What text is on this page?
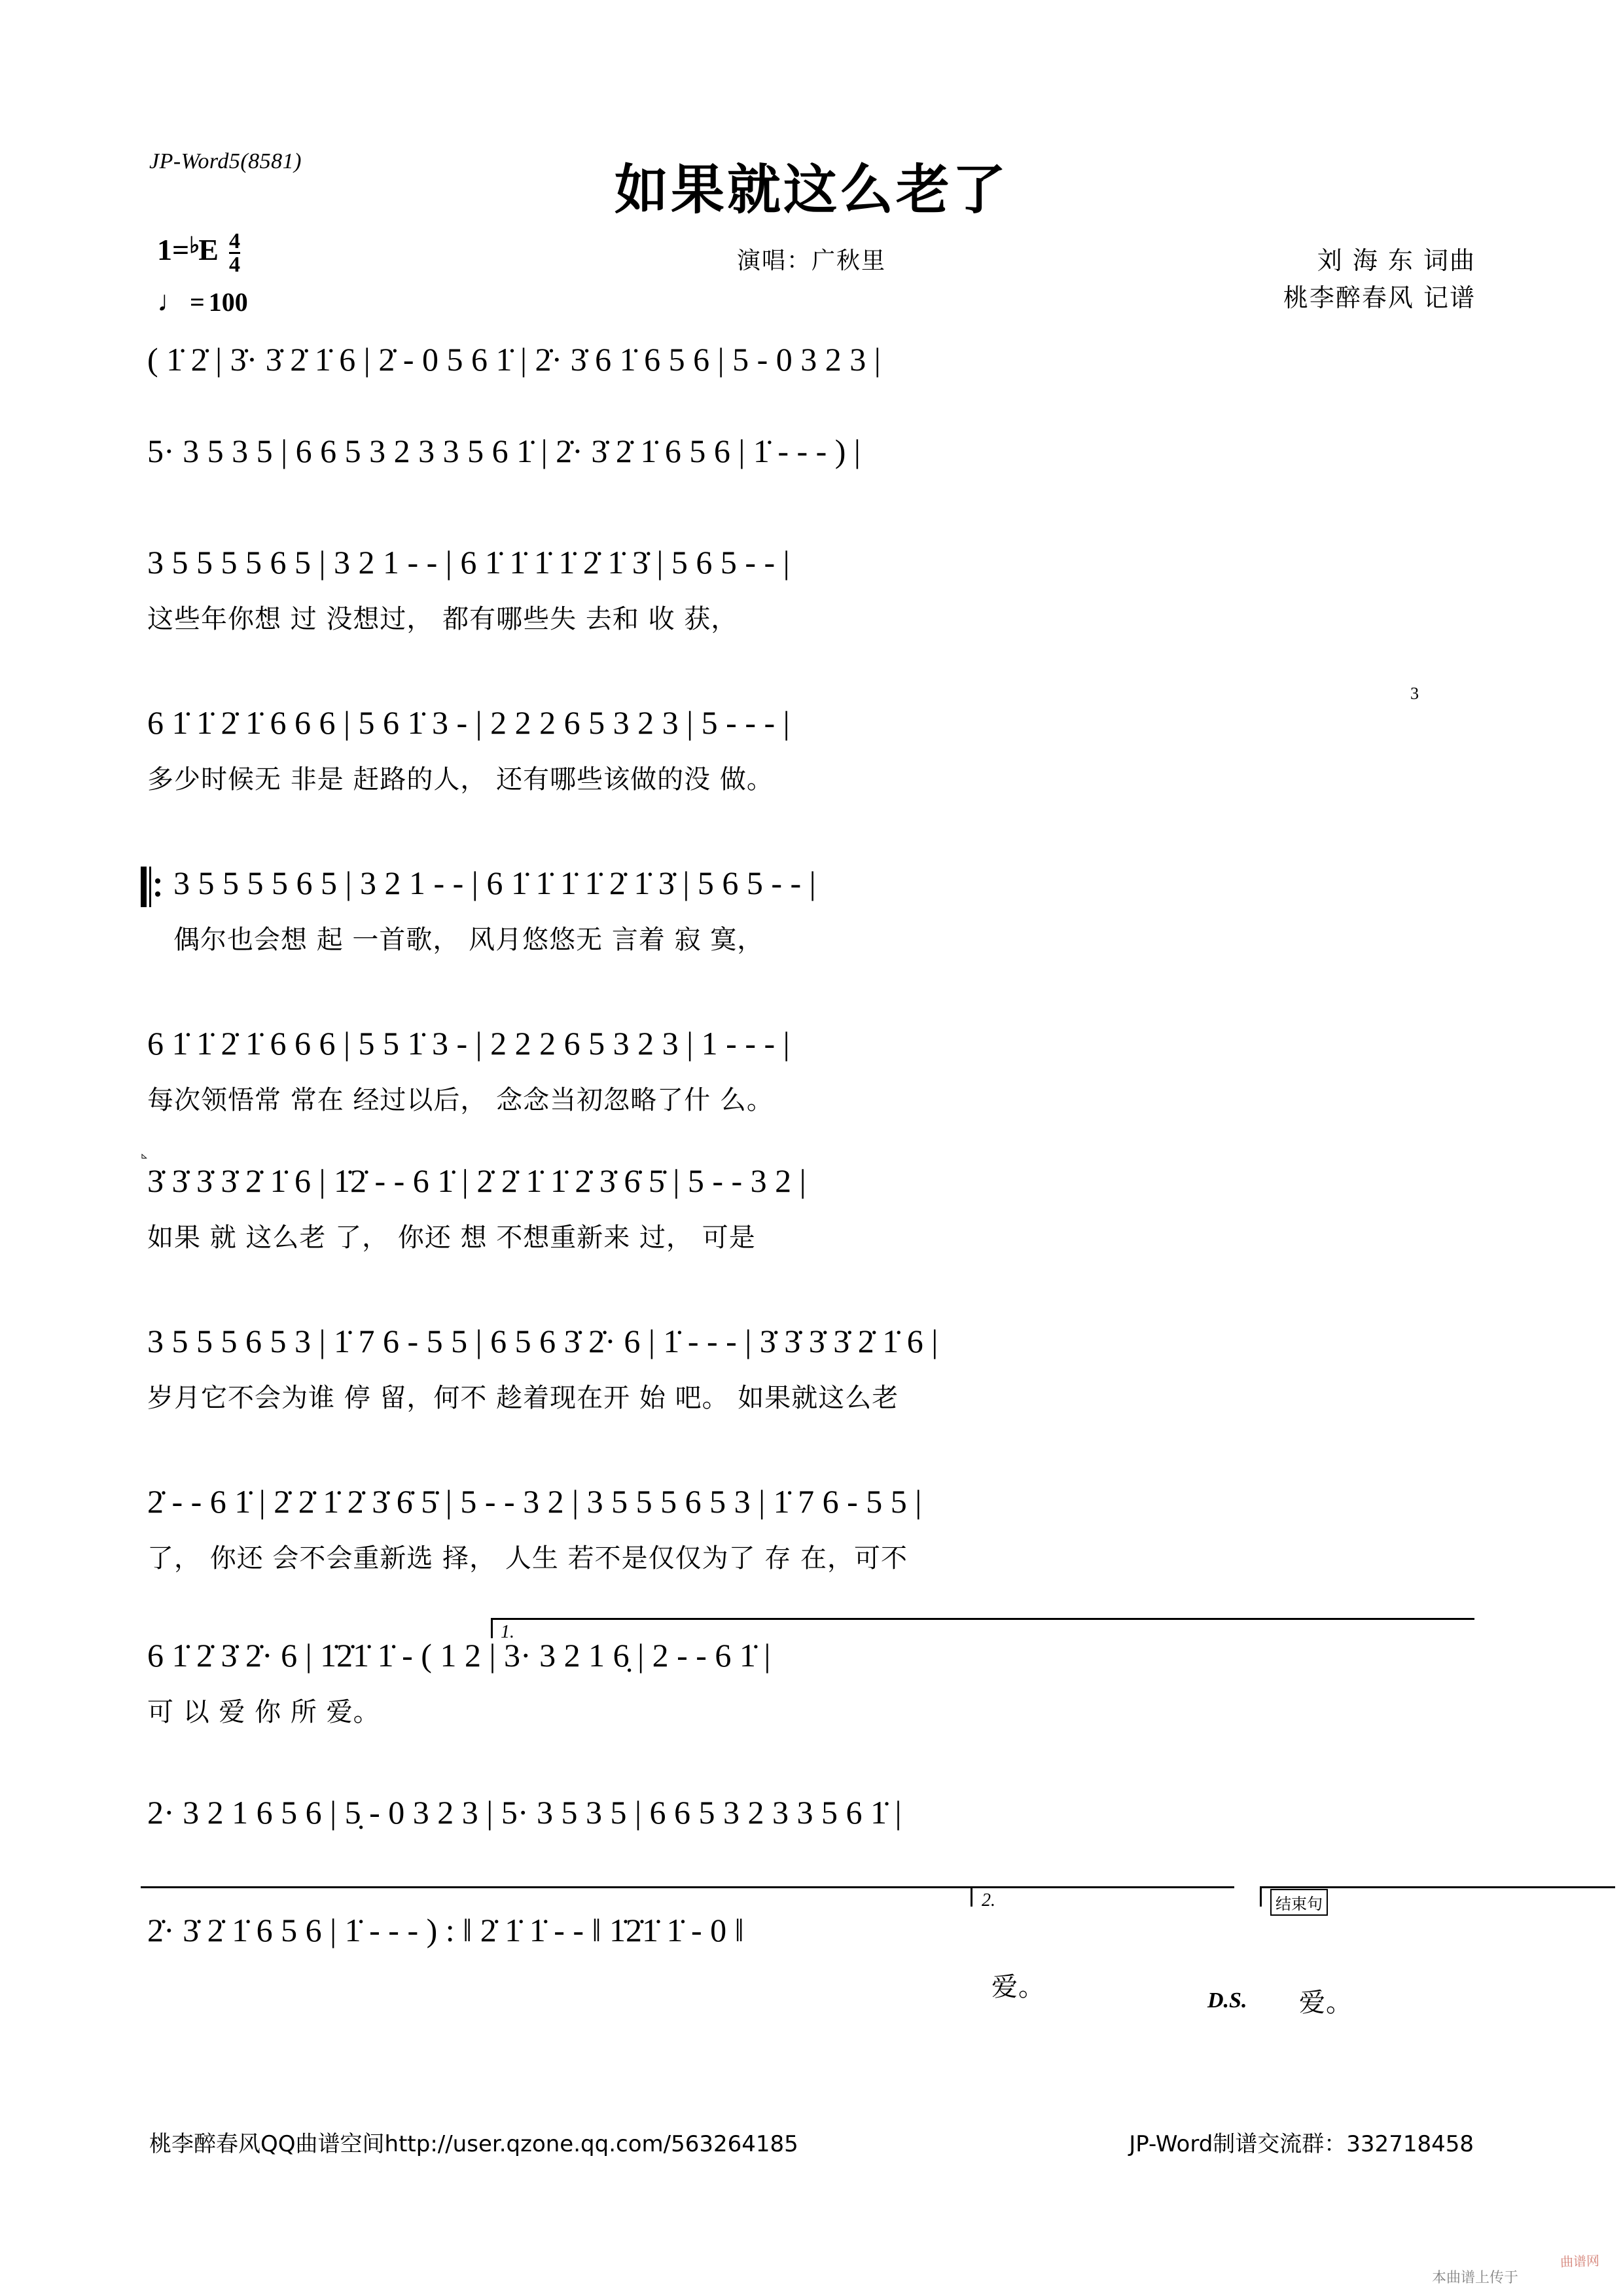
JP-Word5(8581)	如果就这么老了
演唱：广秋里	刘 海 东 词曲
桃李醉春风 记谱
1= ♭
E $\frac{4}{4}$
♩ = 100
( 1̇ 2̇ | 3̇· 3̇ 2̇ 1̇ 6 | 2̇ - 0 5 6 1̇ | 2̇· 3̇ 6 1̇ 6 5 6 | 5 - 0 3 2 3 |
5· 3 5 3 5 | 6 6 5 3 2 3 3 5 6 1̇ | 2̇· 3̇ 2̇ 1̇ 6 5 6 | 1̇ - - - ) |
3 5 5 5 5 6 5 | 3 2 1 - - | 6 1̇ 1̇ 1̇ 1̇ 2̇ 1̇ 3̇ | 5 6 5 - - |
这些年你想 过 没想过， 都有哪些失 去和 收 获，
6 1̇ 1̇ 2̇ 1̇ 6 6 6 | 5 6 1̇ 3 - | 2 2 2 6 5 3 2 3 | 5 - - - |
多少时候无 非是 赶路的人， 还有哪些该做的没 做。
3
3 5 5 5 5 6 5 | 3 2 1 - - | 6 1̇ 1̇ 1̇ 1̇ 2̇ 1̇ 3̇ | 5 6 5 - - |
偶尔也会想 起 一首歌， 风月悠悠无 言着 寂 寞，
6 1̇ 1̇ 2̇ 1̇ 6 6 6 | 5 5 1̇ 3 - | 2 2 2 6 5 3 2 3 | 1 - - - |
每次领悟常 常在 经过以后， 念念当初忽略了什 么。
𝅊
3̇ 3̇ 3̇ 3̇ 2̇ 1̇ 6 | 1̇2̇ - - 6 1̇ | 2̇ 2̇ 1̇ 1̇ 2̇ 3̇ 6̇ 5̇ | 5 - - 3 2 |
如果 就 这么老 了， 你还 想 不想重新来 过， 可是
3 5 5 5 6 5 3 | 1̇ 7 6 - 5 5 | 6 5 6 3̇ 2̇· 6 | 1̇ - - - | 3̇ 3̇ 3̇ 3̇ 2̇ 1̇ 6 |
岁月它不会为谁 停 留，何不 趁着现在开 始 吧。 如果就这么老
2̇ - - 6 1̇ | 2̇ 2̇ 1̇ 2̇ 3̇ 6̇ 5̇ | 5 - - 3 2 | 3 5 5 5 6 5 3 | 1̇ 7 6 - 5 5 |
了， 你还 会不会重新选 择， 人生 若不是仅仅为了 存 在，可不
1.
6 1̇ 2̇ 3̇ 2̇· 6 | 1̇2̇1̇ 1̇ - ( 1 2 | 3· 3 2 1 6̣ | 2 - - 6 1̇ |
可 以 爱 你 所 爱。
2· 3 2 1 6 5 6 | 5̣ - 0 3 2 3 | 5· 3 5 3 5 | 6 6 5 3 2 3 3 5 6 1̇ |
2.	结束句
2̇· 3̇ 2̇ 1̇ 6 5 6 | 1̇ - - - ) : ‖ 2̇ 1̇ 1̇ - - ‖ 1̇2̇1̇ 1̇ - 0 ‖
爱。	D.S. 爱。
桃李醉春风QQ曲谱空间http://user.qzone.qq.com/563264185	JP-Word制谱交流群：332718458
本曲谱上传于
曲谱网
